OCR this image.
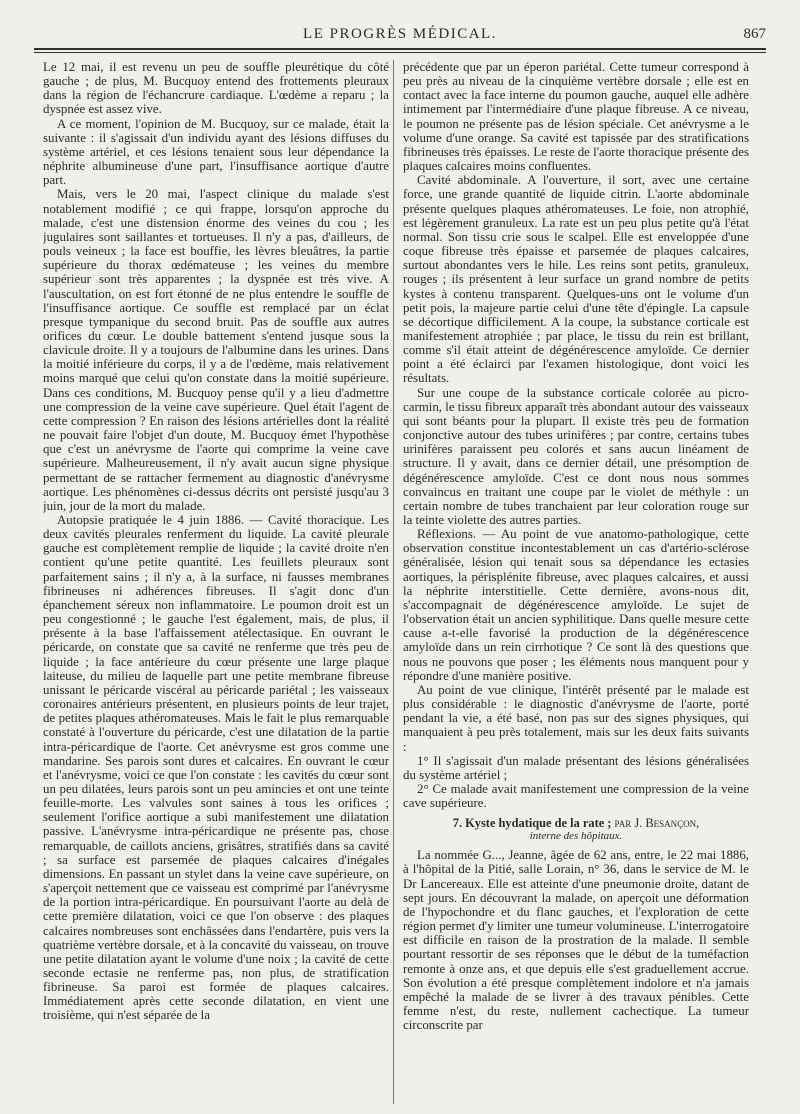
LE PROGRÈS MÉDICAL.	867

Le 12 mai, il est revenu un peu de souffle pleurétique du côté gauche ; de plus, M. Bucquoy entend des frottements pleuraux dans la région de l'échancrure cardiaque. L'œdème a reparu ; la dyspnée est assez vive.

A ce moment, l'opinion de M. Bucquoy, sur ce malade, était la suivante : il s'agissait d'un individu ayant des lésions diffuses du système artériel, et ces lésions tenaient sous leur dépendance la néphrite albumineuse d'une part, l'insuffisance aortique d'autre part.

Mais, vers le 20 mai, l'aspect clinique du malade s'est notablement modifié ; ce qui frappe, lorsqu'on approche du malade, c'est une distension énorme des veines du cou ; les jugulaires sont saillantes et tortueuses. Il n'y a pas, d'ailleurs, de pouls veineux ; la face est bouffie, les lèvres bleuâtres, la partie supérieure du thorax œdémateuse ; les veines du membre supérieur sont très apparentes ; la dyspnée est très vive. A l'auscultation, on est fort étonné de ne plus entendre le souffle de l'insuffisance aortique. Ce souffle est remplacé par un éclat presque tympanique du second bruit. Pas de souffle aux autres orifices du cœur. Le double battement s'entend jusque sous la clavicule droite. Il y a toujours de l'albumine dans les urines. Dans la moitié inférieure du corps, il y a de l'œdème, mais relativement moins marqué que celui qu'on constate dans la moitié supérieure. Dans ces conditions, M. Bucquoy pense qu'il y a lieu d'admettre une compression de la veine cave supérieure. Quel était l'agent de cette compression ? En raison des lésions artérielles dont la réalité ne pouvait faire l'objet d'un doute, M. Bucquoy émet l'hypothèse que c'est un anévrysme de l'aorte qui comprime la veine cave supérieure. Malheureusement, il n'y avait aucun signe physique permettant de se rattacher fermement au diagnostic d'anévrysme aortique. Les phénomènes ci-dessus décrits ont persisté jusqu'au 3 juin, jour de la mort du malade.

Autopsie pratiquée le 4 juin 1886. — Cavité thoracique. Les deux cavités pleurales renferment du liquide. La cavité pleurale gauche est complètement remplie de liquide ; la cavité droite n'en contient qu'une petite quantité. Les feuillets pleuraux sont parfaitement sains ; il n'y a, à la surface, ni fausses membranes fibrineuses ni adhérences fibreuses. Il s'agit donc d'un épanchement séreux non inflammatoire. Le poumon droit est un peu congestionné ; le gauche l'est également, mais, de plus, il présente à la base l'affaissement atélectasique. En ouvrant le péricarde, on constate que sa cavité ne renferme que très peu de liquide ; la face antérieure du cœur présente une large plaque laiteuse, du milieu de laquelle part une petite membrane fibreuse unissant le péricarde viscéral au péricarde pariétal ; les vaisseaux coronaires antérieurs présentent, en plusieurs points de leur trajet, de petites plaques athéromateuses. Mais le fait le plus remarquable constaté à l'ouverture du péricarde, c'est une dilatation de la partie intra-péricardique de l'aorte. Cet anévrysme est gros comme une mandarine. Ses parois sont dures et calcaires. En ouvrant le cœur et l'anévrysme, voici ce que l'on constate : les cavités du cœur sont un peu dilatées, leurs parois sont un peu amincies et ont une teinte feuille-morte. Les valvules sont saines à tous les orifices ; seulement l'orifice aortique a subi manifestement une dilatation passive. L'anévrysme intra-péricardique ne présente pas, chose remarquable, de caillots anciens, grisâtres, stratifiés dans sa cavité ; sa surface est parsemée de plaques calcaires d'inégales dimensions. En passant un stylet dans la veine cave supérieure, on s'aperçoit nettement que ce vaisseau est comprimé par l'anévrysme de la portion intra-péricardique. En poursuivant l'aorte au delà de cette première dilatation, voici ce que l'on observe : des plaques calcaires nombreuses sont enchâssées dans l'endartère, puis vers la quatrième vertèbre dorsale, et à la concavité du vaisseau, on trouve une petite dilatation ayant le volume d'une noix ; la cavité de cette seconde ectasie ne renferme pas, non plus, de stratification fibrineuse. Sa paroi est formée de plaques calcaires. Immédiatement après cette seconde dilatation, en vient une troisième, qui n'est séparée de la

précédente que par un éperon pariétal. Cette tumeur correspond à peu près au niveau de la cinquième vertèbre dorsale ; elle est en contact avec la face interne du poumon gauche, auquel elle adhère intimement par l'intermédiaire d'une plaque fibreuse. A ce niveau, le poumon ne présente pas de lésion spéciale. Cet anévrysme a le volume d'une orange. Sa cavité est tapissée par des stratifications fibrineuses très épaisses. Le reste de l'aorte thoracique présente des plaques calcaires moins confluentes.

Cavité abdominale. A l'ouverture, il sort, avec une certaine force, une grande quantité de liquide citrin. L'aorte abdominale présente quelques plaques athéromateuses. Le foie, non atrophié, est légèrement granuleux. La rate est un peu plus petite qu'à l'état normal. Son tissu crie sous le scalpel. Elle est enveloppée d'une coque fibreuse très épaisse et parsemée de plaques calcaires, surtout abondantes vers le hile. Les reins sont petits, granuleux, rouges ; ils présentent à leur surface un grand nombre de petits kystes à contenu transparent. Quelques-uns ont le volume d'un petit pois, la majeure partie celui d'une tête d'épingle. La capsule se décortique difficilement. A la coupe, la substance corticale est manifestement atrophiée ; par place, le tissu du rein est brillant, comme s'il était atteint de dégénérescence amyloïde. Ce dernier point a été éclairci par l'examen histologique, dont voici les résultats.

Sur une coupe de la substance corticale colorée au picro-carmin, le tissu fibreux apparaît très abondant autour des vaisseaux qui sont béants pour la plupart. Il existe très peu de formation conjonctive autour des tubes urinifères ; par contre, certains tubes urinifères paraissent peu colorés et sans aucun linéament de structure. Il y avait, dans ce dernier détail, une présomption de dégénérescence amyloïde. C'est ce dont nous nous sommes convaincus en traitant une coupe par le violet de méthyle : un certain nombre de tubes tranchaient par leur coloration rouge sur la teinte violette des autres parties.

Réflexions. — Au point de vue anatomo-pathologique, cette observation constitue incontestablement un cas d'artério-sclérose généralisée, lésion qui tenait sous sa dépendance les ectasies aortiques, la périsplénite fibreuse, avec plaques calcaires, et aussi la néphrite interstitielle. Cette dernière, avons-nous dit, s'accompagnait de dégénérescence amyloïde. Le sujet de l'observation était un ancien syphilitique. Dans quelle mesure cette cause a-t-elle favorisé la production de la dégénérescence amyloïde dans un rein cirrhotique ? Ce sont là des questions que nous ne pouvons que poser ; les éléments nous manquent pour y répondre d'une manière positive.

Au point de vue clinique, l'intérêt présenté par le malade est plus considérable : le diagnostic d'anévrysme de l'aorte, porté pendant la vie, a été basé, non pas sur des signes physiques, qui manquaient à peu près totalement, mais sur les deux faits suivants :

1° Il s'agissait d'un malade présentant des lésions généralisées du système artériel ;

2° Ce malade avait manifestement une compression de la veine cave supérieure.

7. Kyste hydatique de la rate ; par J. Besançon,

interne des hôpitaux.

La nommée G..., Jeanne, âgée de 62 ans, entre, le 22 mai 1886, à l'hôpital de la Pitié, salle Lorain, n° 36, dans le service de M. le Dr Lancereaux. Elle est atteinte d'une pneumonie droite, datant de sept jours. En découvrant la malade, on aperçoit une déformation de l'hypochondre et du flanc gauches, et l'exploration de cette région permet d'y limiter une tumeur volumineuse. L'interrogatoire est difficile en raison de la prostration de la malade. Il semble pourtant ressortir de ses réponses que le début de la tuméfaction remonte à onze ans, et que depuis elle s'est graduellement accrue. Son évolution a été presque complètement indolore et n'a jamais empêché la malade de se livrer à des travaux pénibles. Cette femme n'est, du reste, nullement cachectique. La tumeur circonscrite par
